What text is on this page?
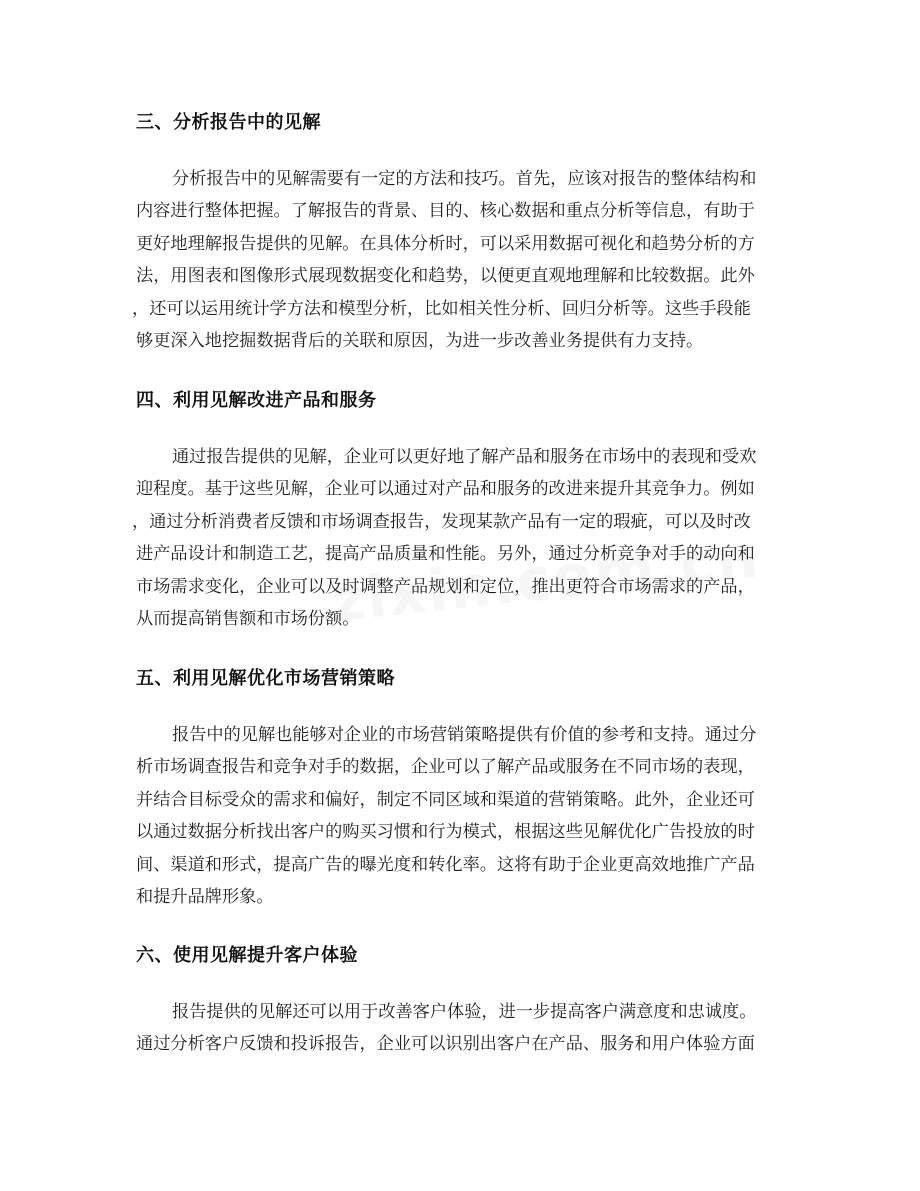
三、分析报告中的见解
分析报告中的见解需要有一定的方法和技巧。首先，应该对报告的整体结构和
内容进行整体把握。了解报告的背景、目的、核心数据和重点分析等信息，有助于
更好地理解报告提供的见解。在具体分析时，可以采用数据可视化和趋势分析的方
法，用图表和图像形式展现数据变化和趋势，以便更直观地理解和比较数据。此外
，还可以运用统计学方法和模型分析，比如相关性分析、回归分析等。这些手段能
够更深入地挖掘数据背后的关联和原因，为进一步改善业务提供有力支持。
四、利用见解改进产品和服务
通过报告提供的见解，企业可以更好地了解产品和服务在市场中的表现和受欢
迎程度。基于这些见解，企业可以通过对产品和服务的改进来提升其竞争力。例如
，通过分析消费者反馈和市场调查报告，发现某款产品有一定的瑕疵，可以及时改
进产品设计和制造工艺，提高产品质量和性能。另外，通过分析竞争对手的动向和
市场需求变化，企业可以及时调整产品规划和定位，推出更符合市场需求的产品，
从而提高销售额和市场份额。
五、利用见解优化市场营销策略
报告中的见解也能够对企业的市场营销策略提供有价值的参考和支持。通过分
析市场调查报告和竞争对手的数据，企业可以了解产品或服务在不同市场的表现，
并结合目标受众的需求和偏好，制定不同区域和渠道的营销策略。此外，企业还可
以通过数据分析找出客户的购买习惯和行为模式，根据这些见解优化广告投放的时
间、渠道和形式，提高广告的曝光度和转化率。这将有助于企业更高效地推广产品
和提升品牌形象。
六、使用见解提升客户体验
报告提供的见解还可以用于改善客户体验，进一步提高客户满意度和忠诚度。
通过分析客户反馈和投诉报告，企业可以识别出客户在产品、服务和用户体验方面
